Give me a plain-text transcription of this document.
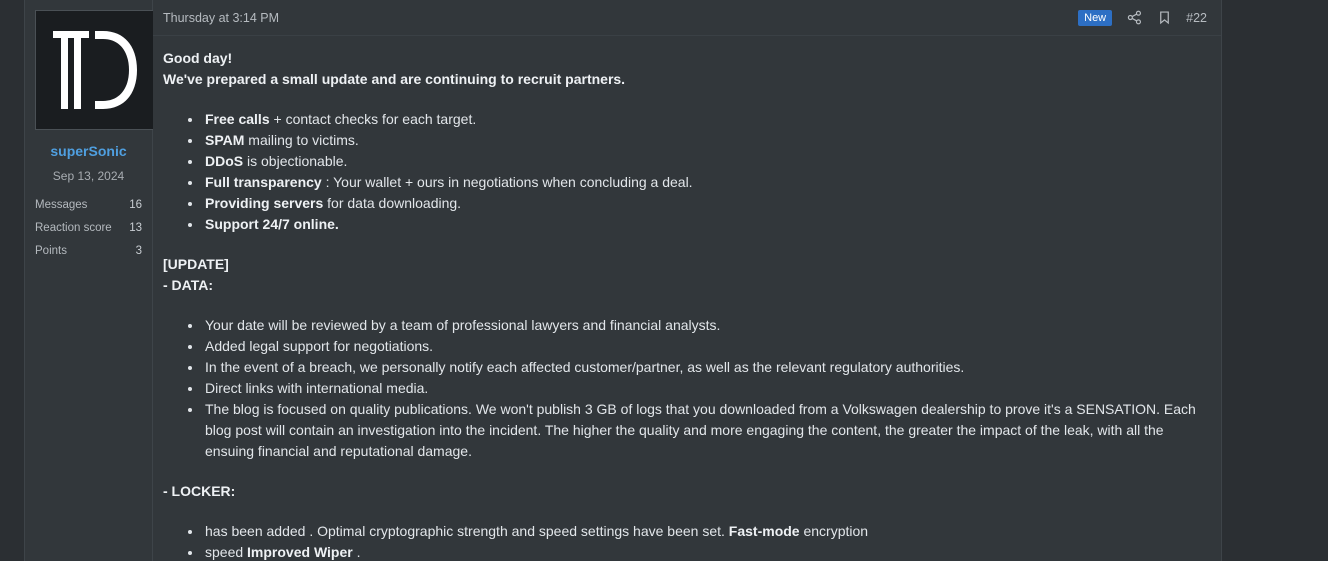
superSonic
Sep 13, 2024
Messages	16
Reaction score 13
Points	3
Thursday at 3:14 PM	New	#22

Good day!

We've prepared a small update and are continuing to recruit partners.

• Free calls + contact checks for each target.
• SPAM mailing to victims.
• DDoS is objectionable.
• Full transparency : Your wallet + ours in negotiations when concluding a deal.
• Providing servers for data downloading.
• Support 24/7 online.

[UPDATE]

- DATA:

• Your date will be reviewed by a team of professional lawyers and financial analysts.
• Added legal support for negotiations.
• In the event of a breach, we personally notify each affected customer/partner, as well as the relevant regulatory authorities.
• Direct links with international media.
• The blog is focused on quality publications. We won't publish 3 GB of logs that you downloaded from a Volkswagen dealership to prove it's a SENSATION. Each blog post will contain an investigation into the incident. The higher the quality and more engaging the content, the greater the impact of the leak, with all the ensuing financial and reputational damage.

- LOCKER:

• has been added . Optimal cryptographic strength and speed settings have been set. Fast-mode encryption
• speed Improved Wiper .
